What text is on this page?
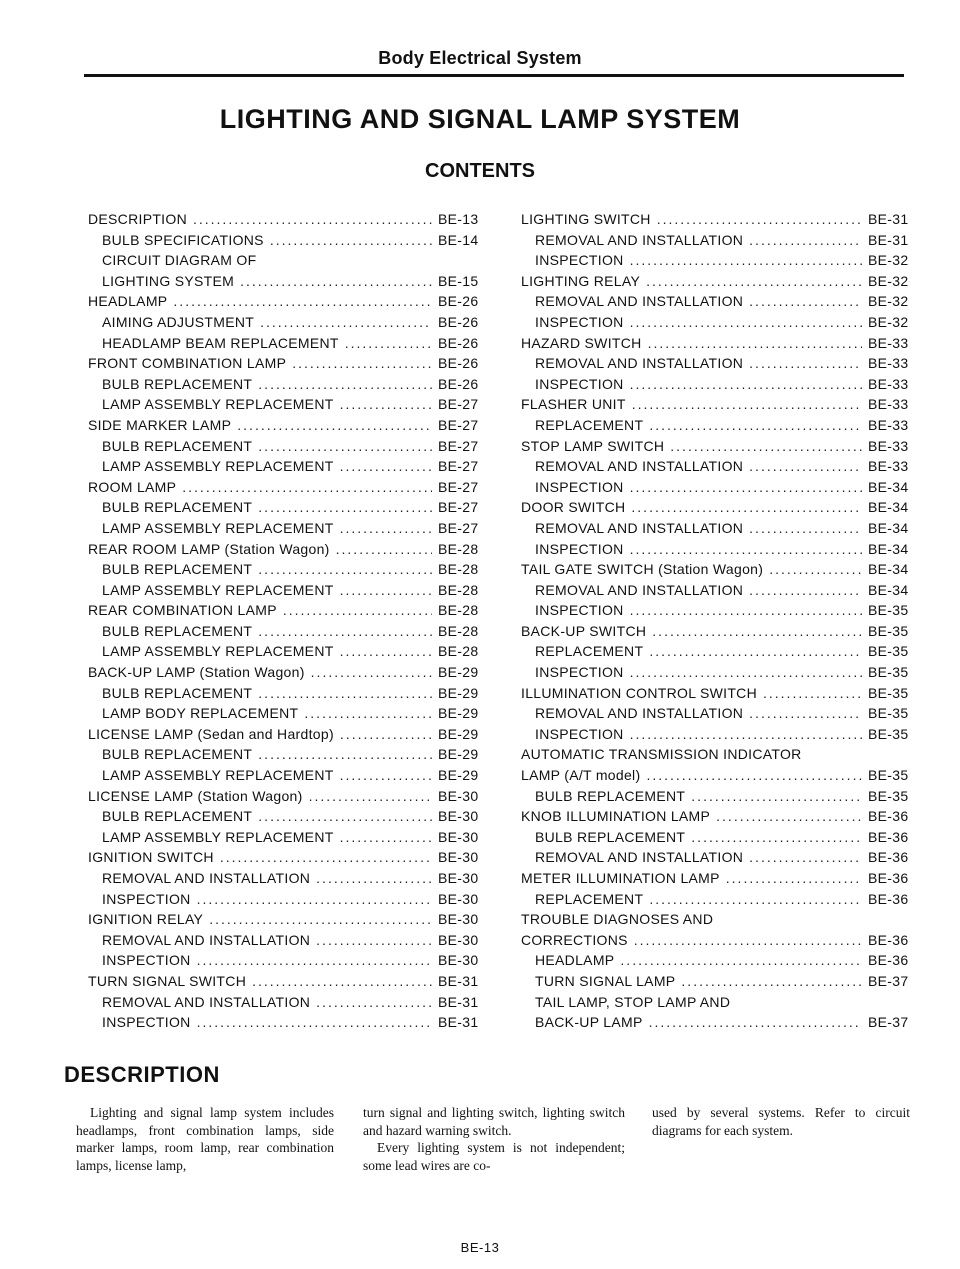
Body Electrical System
LIGHTING AND SIGNAL LAMP SYSTEM
CONTENTS
DESCRIPTION .....	BE-13
BULB SPECIFICATIONS .....	BE-14
CIRCUIT DIAGRAM OF
LIGHTING SYSTEM .....	BE-15
HEADLAMP .....	BE-26
AIMING ADJUSTMENT .....	BE-26
HEADLAMP BEAM REPLACEMENT .....	BE-26
FRONT COMBINATION LAMP .....	BE-26
BULB REPLACEMENT .....	BE-26
LAMP ASSEMBLY REPLACEMENT .....	BE-27
SIDE MARKER LAMP .....	BE-27
BULB REPLACEMENT .....	BE-27
LAMP ASSEMBLY REPLACEMENT .....	BE-27
ROOM LAMP .....	BE-27
BULB REPLACEMENT .....	BE-27
LAMP ASSEMBLY REPLACEMENT .....	BE-27
REAR ROOM LAMP (Station Wagon) .....	BE-28
BULB REPLACEMENT .....	BE-28
LAMP ASSEMBLY REPLACEMENT .....	BE-28
REAR COMBINATION LAMP .....	BE-28
BULB REPLACEMENT .....	BE-28
LAMP ASSEMBLY REPLACEMENT .....	BE-28
BACK-UP LAMP (Station Wagon) .....	BE-29
BULB REPLACEMENT .....	BE-29
LAMP BODY REPLACEMENT .....	BE-29
LICENSE LAMP (Sedan and Hardtop) .....	BE-29
BULB REPLACEMENT .....	BE-29
LAMP ASSEMBLY REPLACEMENT .....	BE-29
LICENSE LAMP (Station Wagon) .....	BE-30
BULB REPLACEMENT .....	BE-30
LAMP ASSEMBLY REPLACEMENT .....	BE-30
IGNITION SWITCH .....	BE-30
REMOVAL AND INSTALLATION .....	BE-30
INSPECTION .....	BE-30
IGNITION RELAY .....	BE-30
REMOVAL AND INSTALLATION .....	BE-30
INSPECTION .....	BE-30
TURN SIGNAL SWITCH .....	BE-31
REMOVAL AND INSTALLATION .....	BE-31
INSPECTION .....	BE-31
LIGHTING SWITCH .....	BE-31
REMOVAL AND INSTALLATION .....	BE-31
INSPECTION .....	BE-32
LIGHTING RELAY .....	BE-32
REMOVAL AND INSTALLATION .....	BE-32
INSPECTION .....	BE-32
HAZARD SWITCH .....	BE-33
REMOVAL AND INSTALLATION .....	BE-33
INSPECTION .....	BE-33
FLASHER UNIT .....	BE-33
REPLACEMENT .....	BE-33
STOP LAMP SWITCH .....	BE-33
REMOVAL AND INSTALLATION .....	BE-33
INSPECTION .....	BE-34
DOOR SWITCH .....	BE-34
REMOVAL AND INSTALLATION .....	BE-34
INSPECTION .....	BE-34
TAIL GATE SWITCH (Station Wagon) .....	BE-34
REMOVAL AND INSTALLATION .....	BE-34
INSPECTION .....	BE-35
BACK-UP SWITCH .....	BE-35
REPLACEMENT .....	BE-35
INSPECTION .....	BE-35
ILLUMINATION CONTROL SWITCH .....	BE-35
REMOVAL AND INSTALLATION .....	BE-35
INSPECTION .....	BE-35
AUTOMATIC TRANSMISSION INDICATOR
LAMP (A/T model) .....	BE-35
BULB REPLACEMENT .....	BE-35
KNOB ILLUMINATION LAMP .....	BE-36
BULB REPLACEMENT .....	BE-36
REMOVAL AND INSTALLATION .....	BE-36
METER ILLUMINATION LAMP .....	BE-36
REPLACEMENT .....	BE-36
TROUBLE DIAGNOSES AND
CORRECTIONS .....	BE-36
HEADLAMP .....	BE-36
TURN SIGNAL LAMP .....	BE-37
TAIL LAMP, STOP LAMP AND
BACK-UP LAMP .....	BE-37
DESCRIPTION

Lighting and signal lamp system includes headlamps, front combination lamps, side marker lamps, room lamp, rear combination lamps, license lamp,

turn signal and lighting switch, lighting switch and hazard warning switch.

Every lighting system is not independent; some lead wires are co-

used by several systems. Refer to circuit diagrams for each system.

BE-13
